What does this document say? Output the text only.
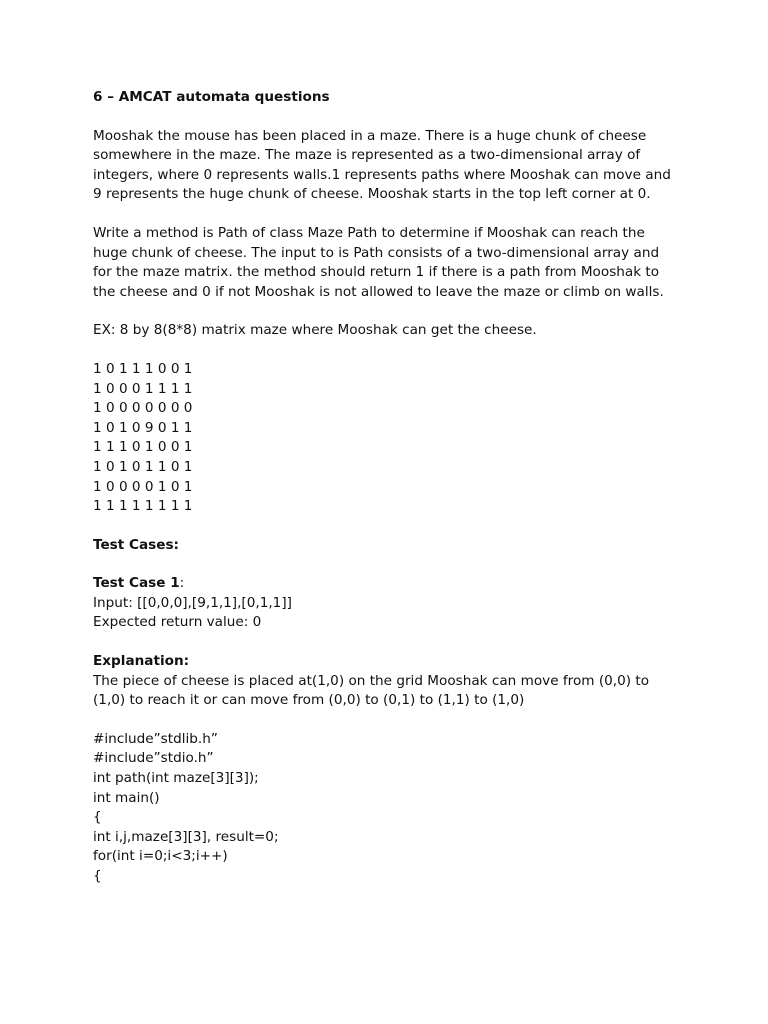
6 – AMCAT automata questions

Mooshak the mouse has been placed in a maze. There is a huge chunk of cheese
somewhere in the maze. The maze is represented as a two-dimensional array of
integers, where 0 represents walls.1 represents paths where Mooshak can move and
9 represents the huge chunk of cheese. Mooshak starts in the top left corner at 0.

Write a method is Path of class Maze Path to determine if Mooshak can reach the
huge chunk of cheese. The input to is Path consists of a two-dimensional array and
for the maze matrix. the method should return 1 if there is a path from Mooshak to
the cheese and 0 if not Mooshak is not allowed to leave the maze or climb on walls.

EX: 8 by 8(8*8) matrix maze where Mooshak can get the cheese.

1 0 1 1 1 0 0 1
1 0 0 0 1 1 1 1
1 0 0 0 0 0 0 0
1 0 1 0 9 0 1 1
1 1 1 0 1 0 0 1
1 0 1 0 1 1 0 1
1 0 0 0 0 1 0 1
1 1 1 1 1 1 1 1

Test Cases:

Test Case 1:
Input: [[0,0,0],[9,1,1],[0,1,1]]
Expected return value: 0
Explanation:
The piece of cheese is placed at(1,0) on the grid Mooshak can move from (0,0) to
(1,0) to reach it or can move from (0,0) to (0,1) to (1,1) to (1,0)
#include”stdlib.h”
#include”stdio.h”
int path(int maze[3][3]);
int main()
{
int i,j,maze[3][3], result=0;
for(int i=0;i<3;i++)
{
